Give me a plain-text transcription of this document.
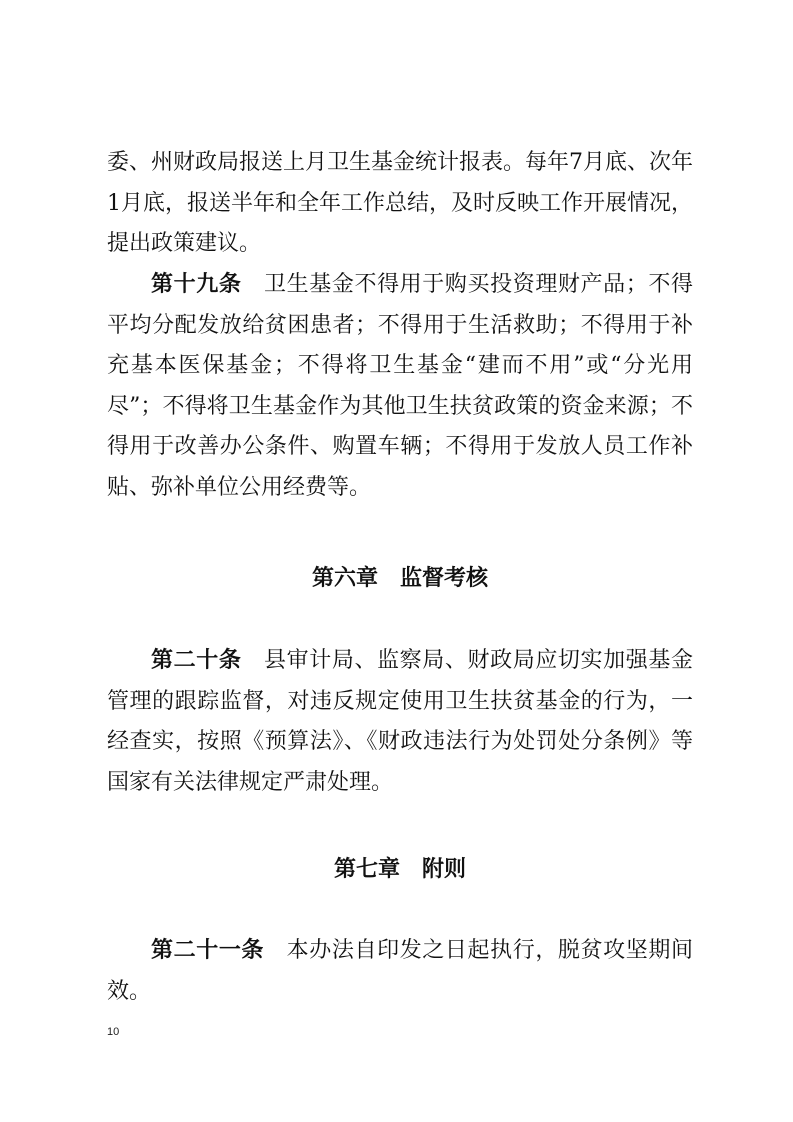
委、州财政局报送上月卫生基金统计报表。每年7月底、次年1月底，报送半年和全年工作总结，及时反映工作开展情况，提出政策建议。

第十九条　 卫生基金不得用于购买投资理财产品；不得平均分配发放给贫困患者；不得用于生活救助；不得用于补充基本医保基金；不得将卫生基金“建而不用”或“分光用尽”；不得将卫生基金作为其他卫生扶贫政策的资金来源；不得用于改善办公条件、购置车辆；不得用于发放人员工作补贴、弥补单位公用经费等。

第六章　监督考核

第二十条　 县审计局、监察局、财政局应切实加强基金管理的跟踪监督，对违反规定使用卫生扶贫基金的行为，一经查实，按照《预算法》、《财政违法行为处罚处分条例》等国家有关法律规定严肃处理。

第七章　附则

第二十一条　 本办法自印发之日起执行，脱贫攻坚期间效。

10
